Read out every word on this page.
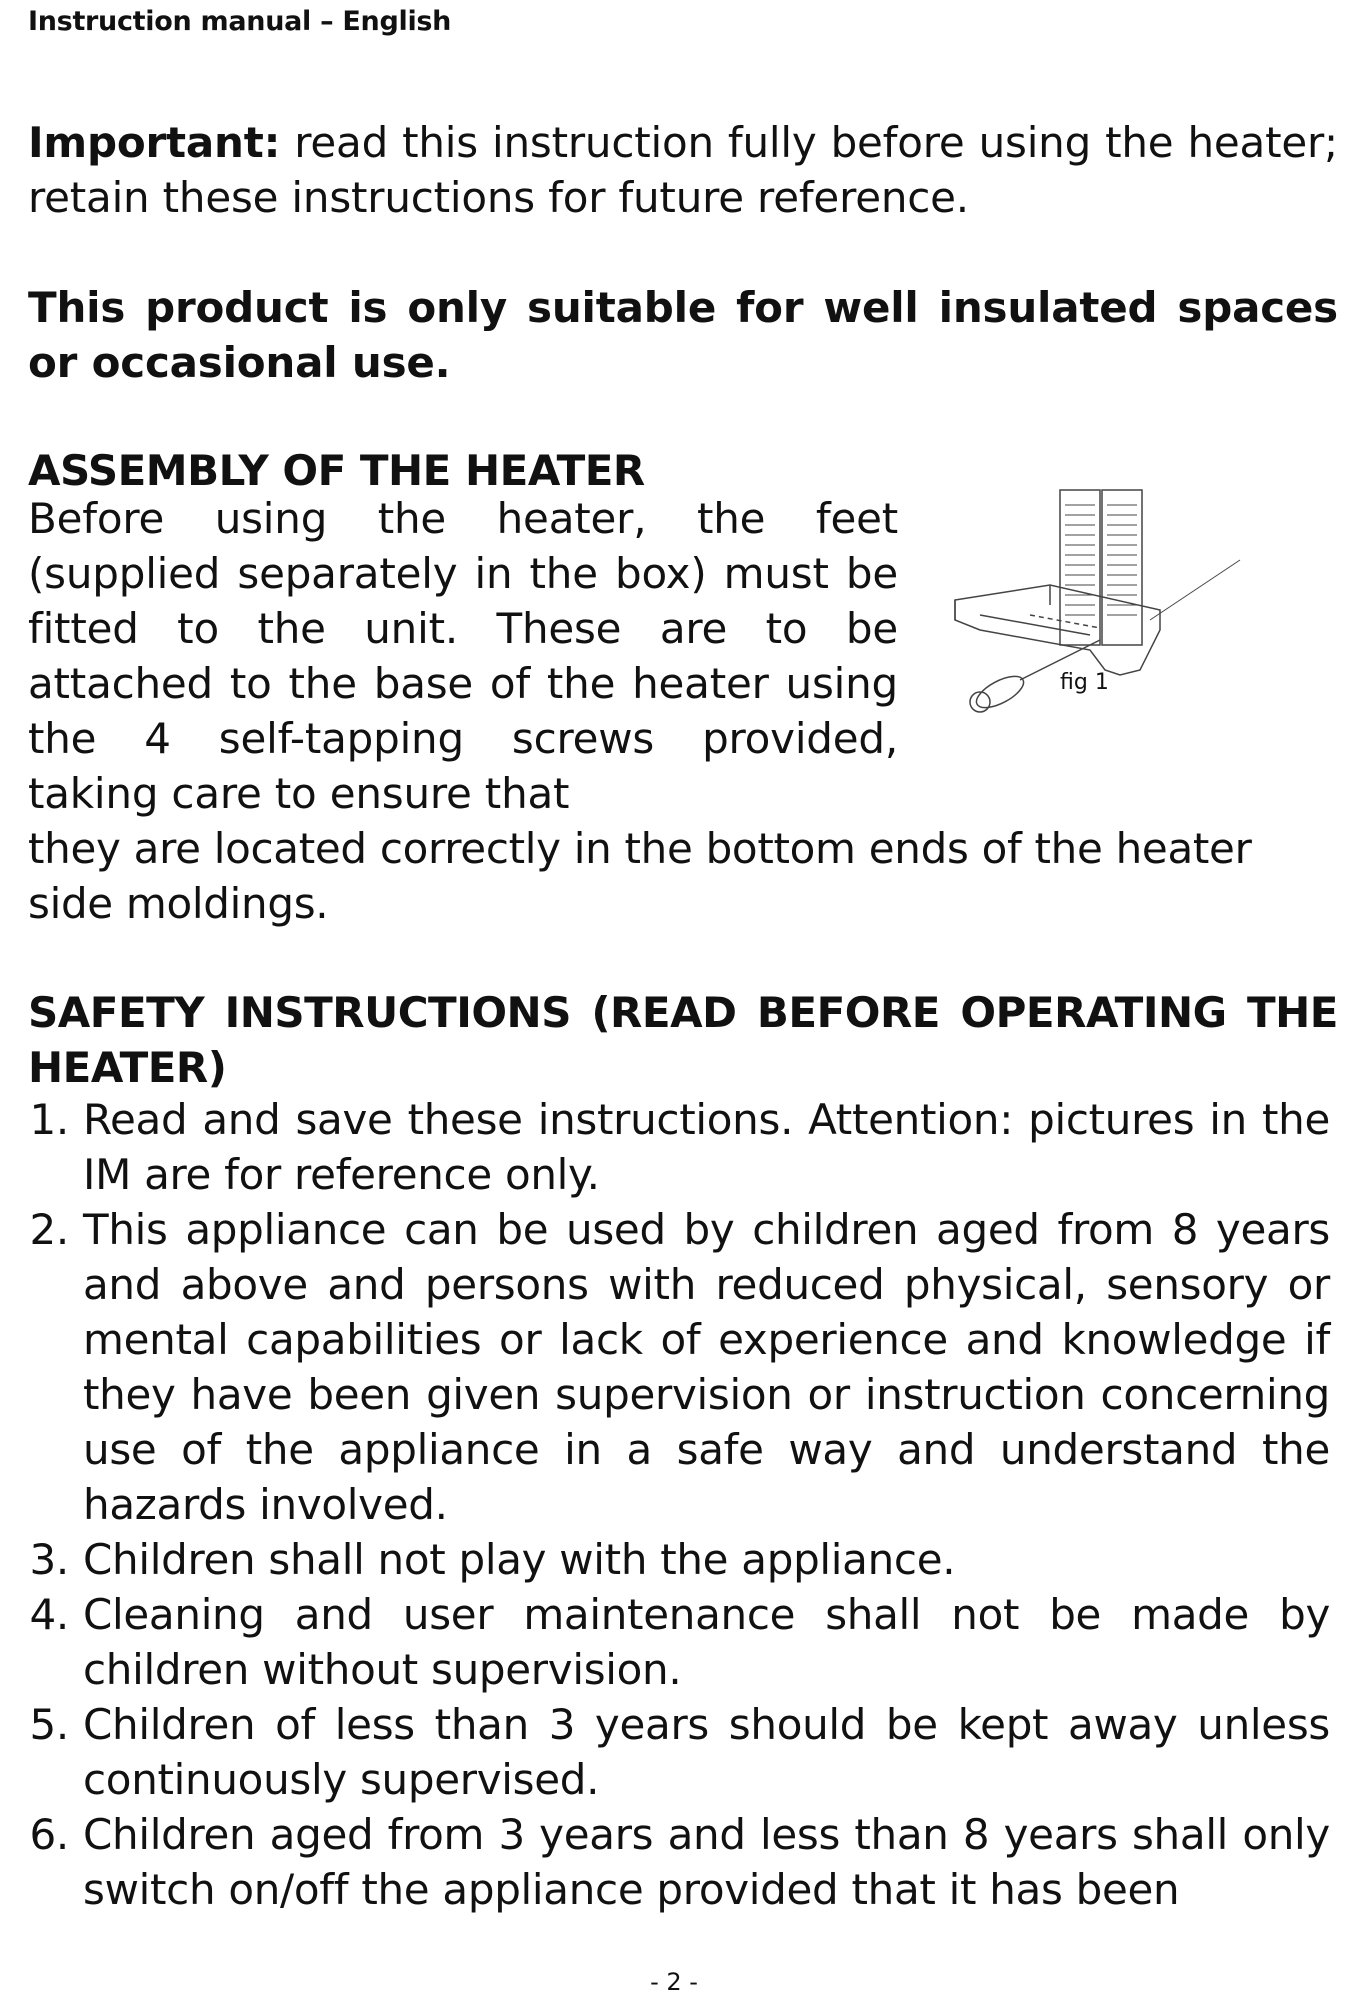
Instruction manual – English
Important: read this instruction fully before using the heater; retain these instructions for future reference.
This product is only suitable for well insulated spaces or occasional use.
ASSEMBLY OF THE HEATER
Before using the heater, the feet (supplied separately in the box) must be fitted to the unit. These are to be attached to the base of the heater using the 4 self-tapping screws provided, taking care to ensure that
they are located correctly in the bottom ends of the heater side moldings.
fig 1
SAFETY INSTRUCTIONS (READ BEFORE OPERATING THE HEATER)
1. Read and save these instructions. Attention: pictures in the IM are for reference only.
2. This appliance can be used by children aged from 8 years and above and persons with reduced physical, sensory or mental capabilities or lack of experience and knowledge if they have been given supervision or instruction concerning use of the appliance in a safe way and understand the hazards involved.
3. Children shall not play with the appliance.
4. Cleaning and user maintenance shall not be made by children without supervision.
5. Children of less than 3 years should be kept away unless continuously supervised.
6. Children aged from 3 years and less than 8 years shall only switch on/off the appliance provided that it has been
- 2 -
